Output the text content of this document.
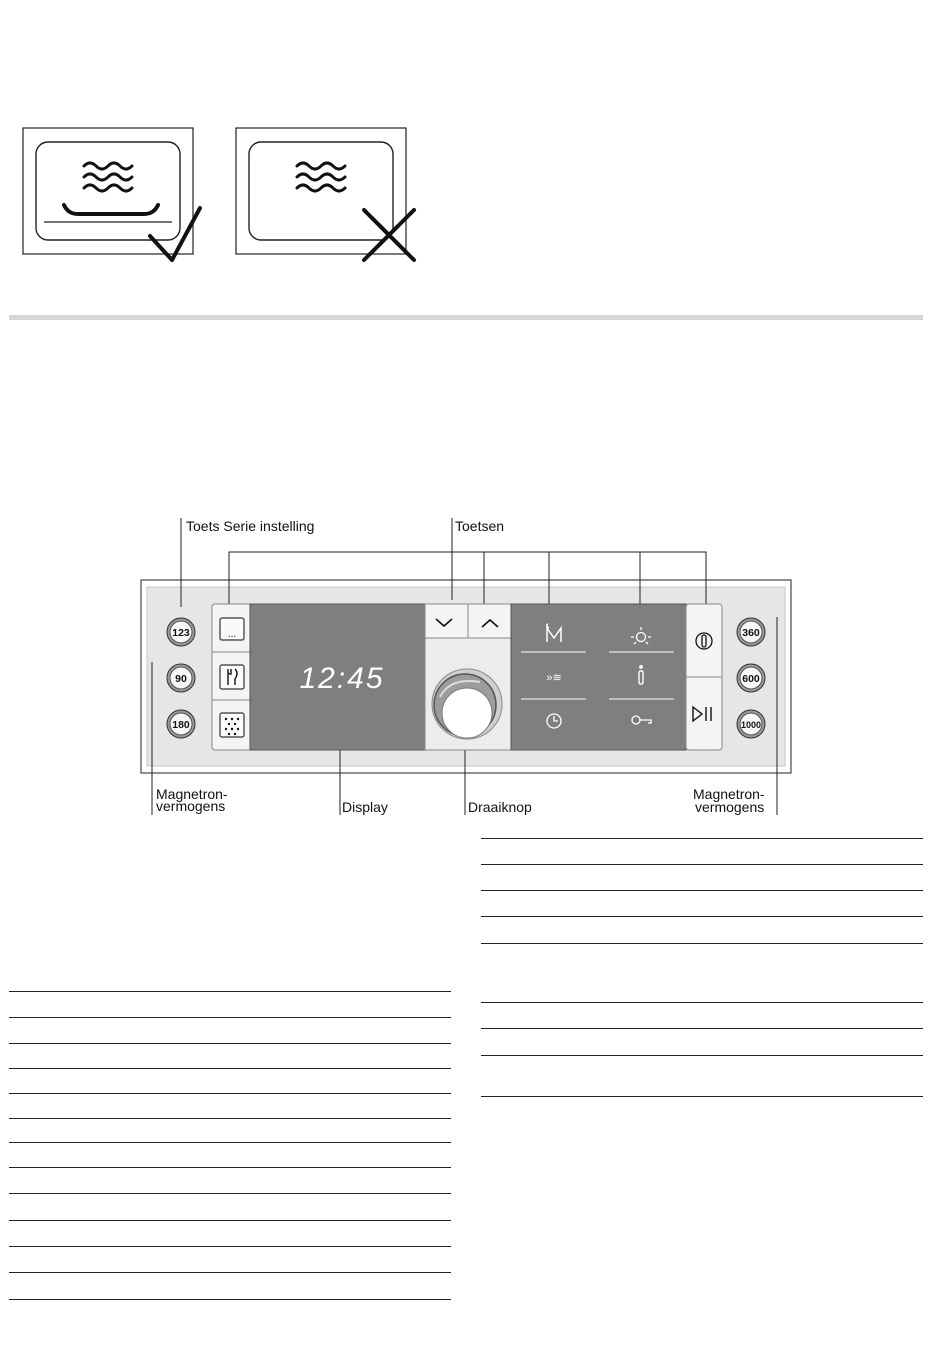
...
12:45	»≋
123
90
180
360
600
1000
Toets Serie instelling	Toetsen
Magnetron-
vermogens	Display	Draaiknop
Magnetron-
vermogens
